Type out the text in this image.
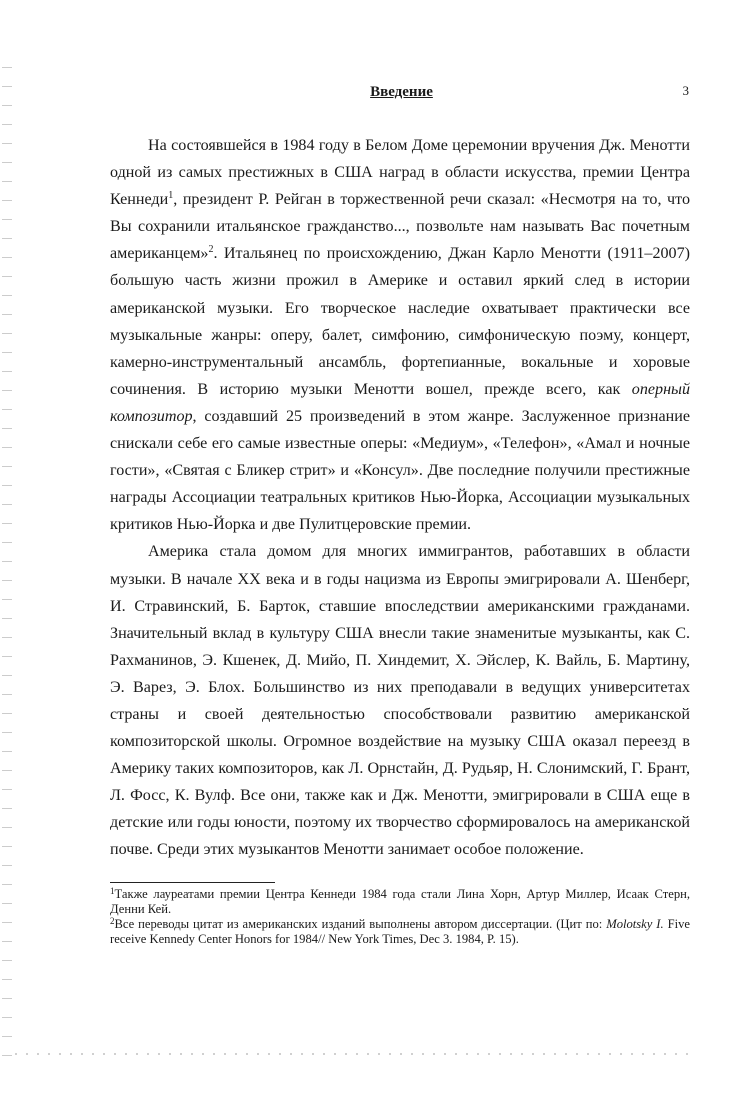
3
Введение

На состоявшейся в 1984 году в Белом Доме церемонии вручения Дж. Менотти одной из самых престижных в США наград в области искусства, премии Центра Кеннеди$^1$, президент Р. Рейган в торжественной речи сказал: «Несмотря на то, что Вы сохранили итальянское гражданство..., позвольте нам называть Вас почетным американцем»$^2$. Итальянец по происхождению, Джан Карло Менотти (1911–2007) большую часть жизни прожил в Америке и оставил яркий след в истории американской музыки. Его творческое наследие охватывает практически все музыкальные жанры: оперу, балет, симфонию, симфоническую поэму, концерт, камерно-инструментальный ансамбль, фортепианные, вокальные и хоровые сочинения. В историю музыки Менотти вошел, прежде всего, как оперный композитор, создавший 25 произведений в этом жанре. Заслуженное признание снискали себе его самые известные оперы: «Медиум», «Телефон», «Амал и ночные гости», «Святая с Бликер стрит» и «Консул». Две последние получили престижные награды Ассоциации театральных критиков Нью-Йорка, Ассоциации музыкальных критиков Нью-Йорка и две Пулитцеровские премии.

Америка стала домом для многих иммигрантов, работавших в области музыки. В начале XX века и в годы нацизма из Европы эмигрировали А. Шенберг, И. Стравинский, Б. Барток, ставшие впоследствии американскими гражданами. Значительный вклад в культуру США внесли такие знаменитые музыканты, как С. Рахманинов, Э. Кшенек, Д. Мийо, П. Хиндемит, Х. Эйслер, К. Вайль, Б. Мартину, Э. Варез, Э. Блох. Большинство из них преподавали в ведущих университетах страны и своей деятельностью способствовали развитию американской композиторской школы. Огромное воздействие на музыку США оказал переезд в Америку таких композиторов, как Л. Орнстайн, Д. Рудьяр, Н. Слонимский, Г. Брант, Л. Фосс, К. Вулф. Все они, также как и Дж. Менотти, эмигрировали в США еще в детские или годы юности, поэтому их творчество сформировалось на американской почве. Среди этих музыкантов Менотти занимает особое положение.

$^1$Также лауреатами премии Центра Кеннеди 1984 года стали Лина Хорн, Артур Миллер, Исаак Стерн, Денни Кей.

$^2$Все переводы цитат из американских изданий выполнены автором диссертации. (Цит по: Molotsky I. Five receive Kennedy Center Honors for 1984// New York Times, Dec 3. 1984, P. 15).
